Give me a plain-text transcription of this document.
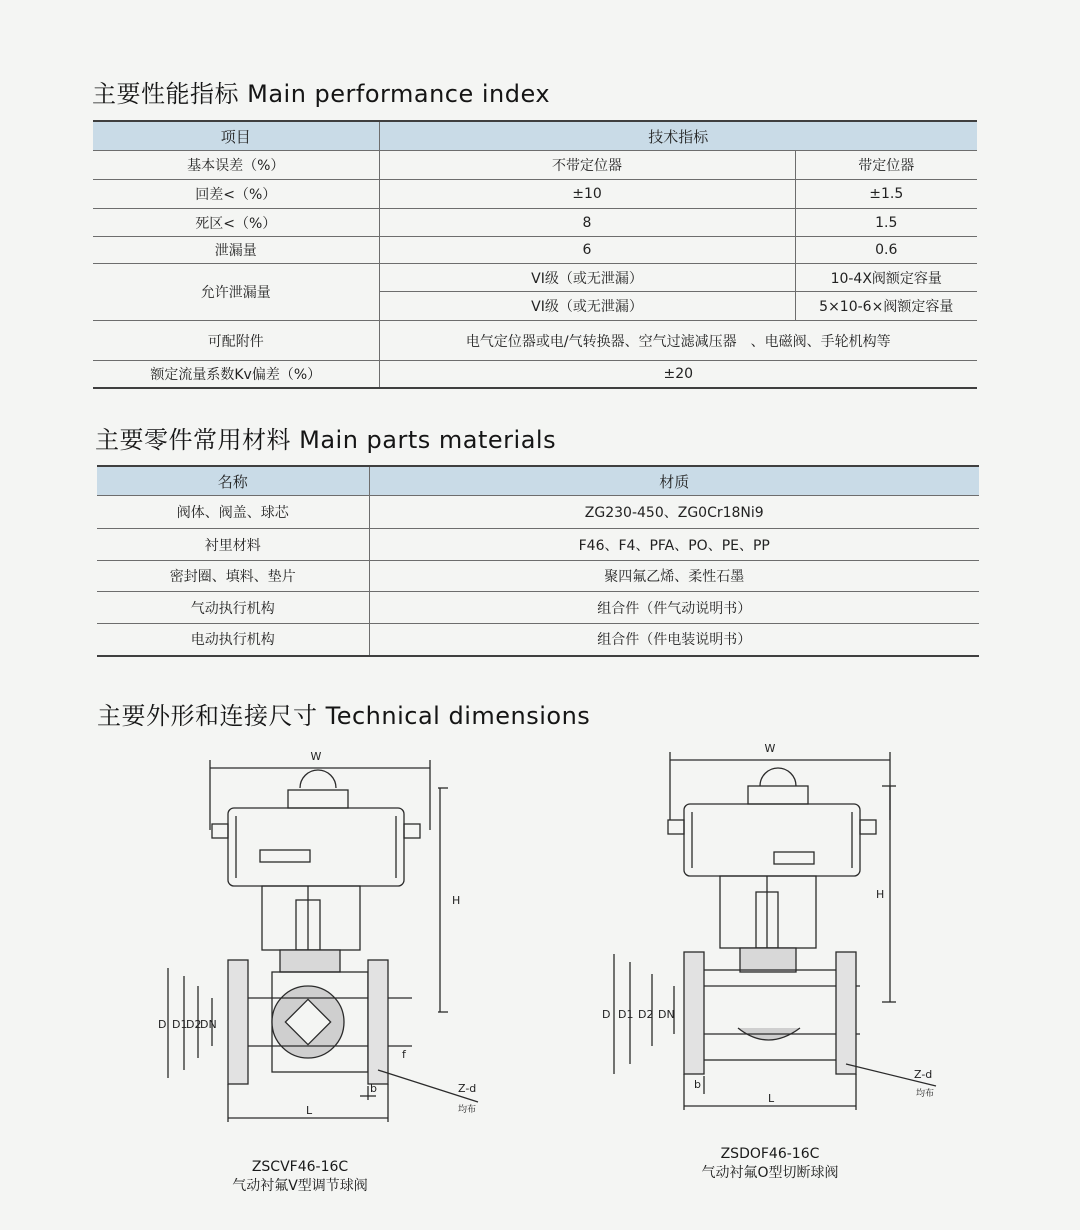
主要性能指标 Main performance index
项目	技术指标	
基本误差（%）	不带定位器	带定位器
回差<（%）	±10	±1.5
死区<（%）	8	1.5
泄漏量	6	0.6
允许泄漏量	VI级（或无泄漏）	10-4X阀额定容量
	VI级（或无泄漏）	5×10-6×阀额定容量
可配附件	电气定位器或电/气转换器、空气过滤减压器　、电磁阀、手轮机构等	
额定流量系数Kv偏差（%）	±20	
主要零件常用材料 Main parts materials
名称	材质
阀体、阀盖、球芯	ZG230-450、ZG0Cr18Ni9
衬里材料	F46、F4、PFA、PO、PE、PP
密封圈、填料、垫片	聚四氟乙烯、柔性石墨
气动执行机构	组合件（件气动说明书）
电动执行机构	组合件（件电装说明书）
主要外形和连接尺寸 Technical dimensions
W
H
D D1
D2
DN
L
b
f
Z-d
均布
ZSCVF46-16C
气动衬氟V型调节球阀
W
H
D D1 D2 DN
L
b
Z-d
均布
ZSDOF46-16C
气动衬氟O型切断球阀
